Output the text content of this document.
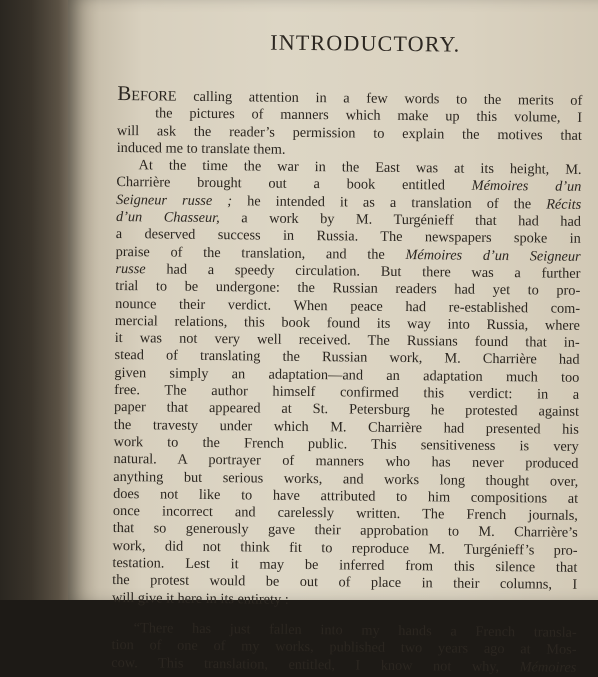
INTRODUCTORY.

BEFORE calling attention in a few words to the merits of
the pictures of manners which make up this volume, I
will ask the reader’s permission to explain the motives that
induced me to translate them.

At the time the war in the East was at its height, M.
Charrière brought out a book entitled Mémoires d’un
Seigneur russe ; he intended it as a translation of the Récits
d’un Chasseur, a work by M. Turgénieff that had had
a deserved success in Russia. The newspapers spoke in
praise of the translation, and the Mémoires d’un Seigneur
russe had a speedy circulation. But there was a further
trial to be undergone: the Russian readers had yet to pro-
nounce their verdict. When peace had re-established com-
mercial relations, this book found its way into Russia, where
it was not very well received. The Russians found that in-
stead of translating the Russian work, M. Charrière had
given simply an adaptation—and an adaptation much too
free. The author himself confirmed this verdict: in a
paper that appeared at St. Petersburg he protested against
the travesty under which M. Charrière had presented his
work to the French public. This sensitiveness is very
natural. A portrayer of manners who has never produced
anything but serious works, and works long thought over,
does not like to have attributed to him compositions at
once incorrect and carelessly written. The French journals,
that so generously gave their approbation to M. Charrière’s
work, did not think fit to reproduce M. Turgénieff’s pro-
testation. Lest it may be inferred from this silence that
the protest would be out of place in their columns, I
will give it here in its entirety :

“There has just fallen into my hands a French transla-
tion of one of my works, published two years ago at Mos-
cow. This translation, entitled, I know not why, Mémoires
